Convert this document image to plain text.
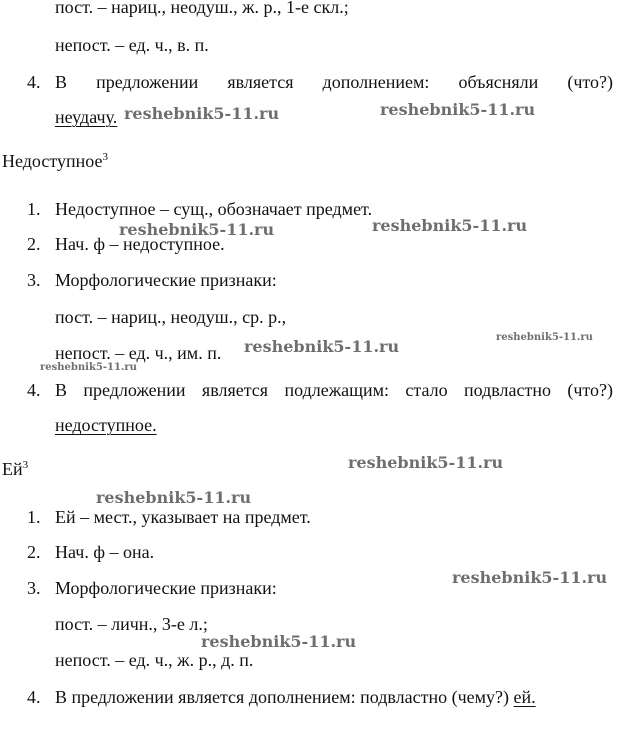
пост. – нариц., неодуш., ж. р., 1-е скл.;
непост. – ед. ч., в. п.
4. В предложении является дополнением: объясняли (что?)
неудачу.
Недоступное$^3$
1. Недоступное – сущ., обозначает предмет.
2. Нач. ф – недоступное.
3. Морфологические признаки:
пост. – нариц., неодуш., ср. р.,
непост. – ед. ч., им. п.
4. В предложении является подлежащим: стало подвластно (что?)
недоступное.
$Ей^3$
1. Ей – мест., указывает на предмет.
2. Нач. ф – она.
3. Морфологические признаки:
пост. – личн., 3-е л.;
непост. – ед. ч., ж. р., д. п.
4. В предложении является дополнением: подвластно (чему?) ей.
reshebnik5-11.ru	reshebnik5-11.ru
reshebnik5-11.ru	reshebnik5-11.ru
reshebnik5-11.ru	reshebnik5-11.ru
reshebnik5-11.ru
reshebnik5-11.ru
reshebnik5-11.ru
reshebnik5-11.ru
reshebnik5-11.ru
